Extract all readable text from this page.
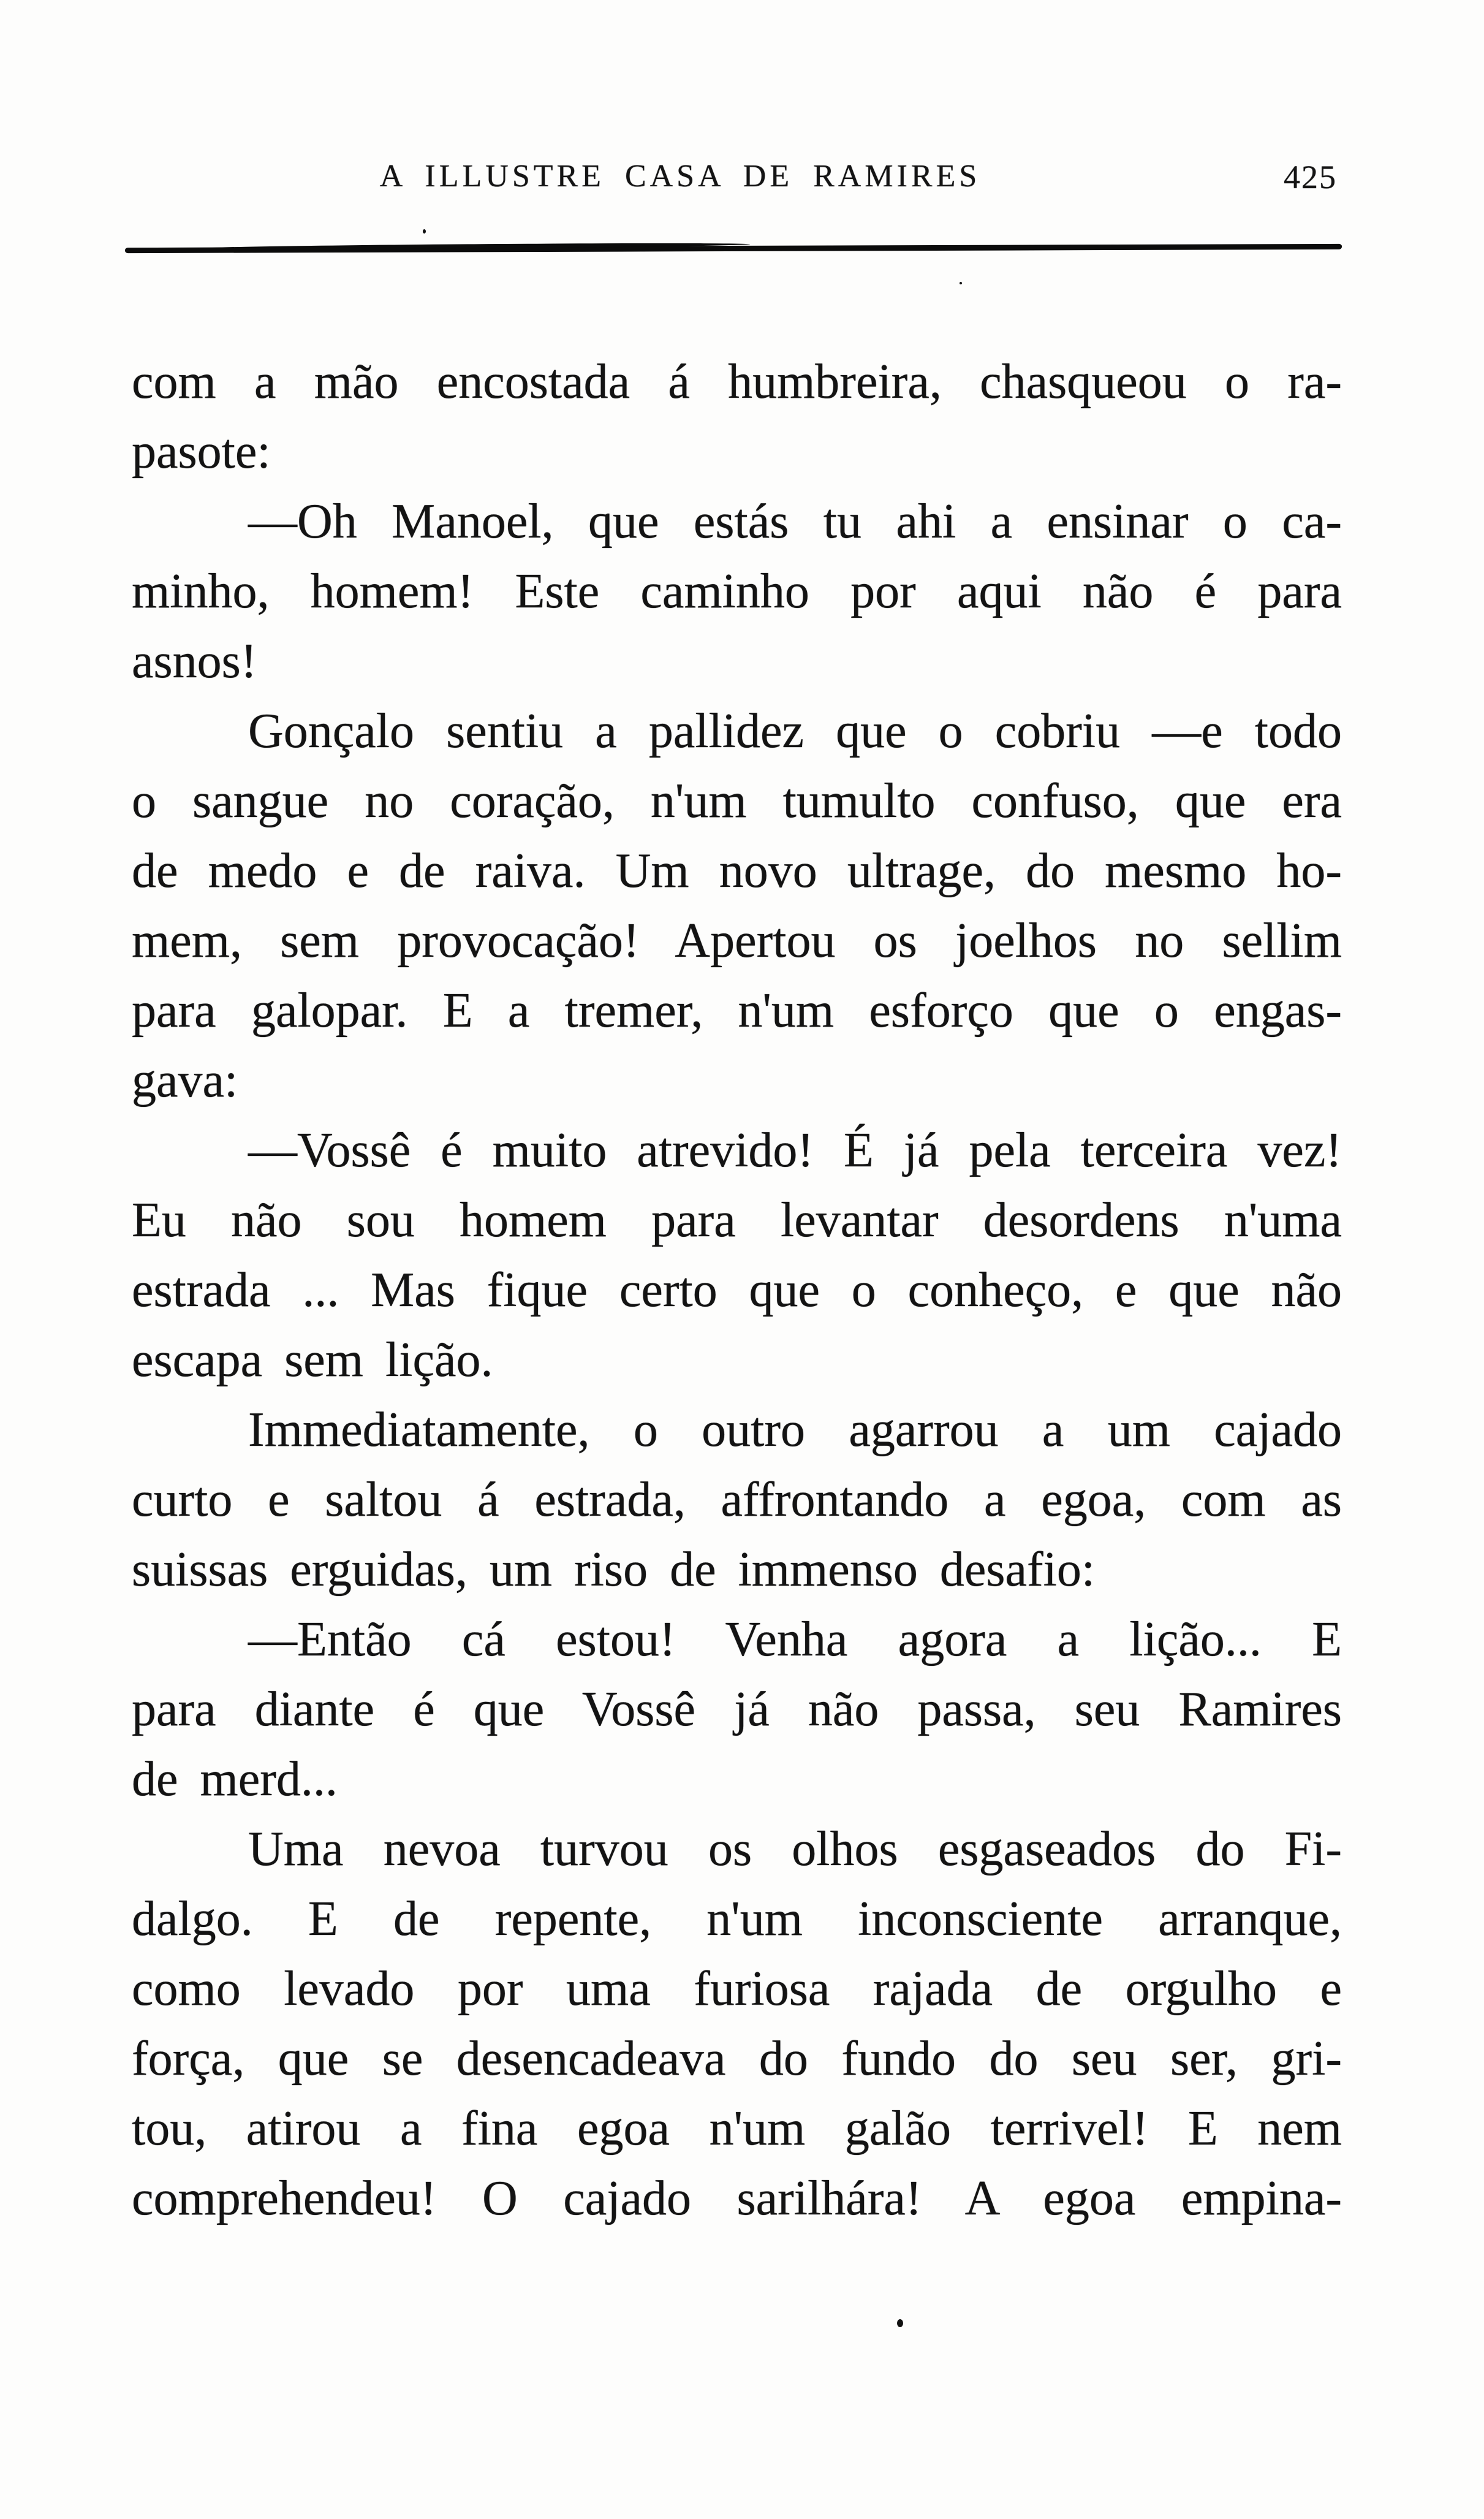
A ILLUSTRE CASA DE RAMIRES	425
com a mão encostada á humbreira, chasqueou o ra-
pasote:
—Oh Manoel, que estás tu ahi a ensinar o ca-
minho, homem! Este caminho por aqui não é para
asnos!
Gonçalo sentiu a pallidez que o cobriu —e todo
o sangue no coração, n'um tumulto confuso, que era
de medo e de raiva. Um novo ultrage, do mesmo ho-
mem, sem provocação! Apertou os joelhos no sellim
para galopar. E a tremer, n'um esforço que o engas-
gava:
—Vossê é muito atrevido! É já pela terceira vez!
Eu não sou homem para levantar desordens n'uma
estrada ... Mas fique certo que o conheço, e que não
escapa sem lição.
Immediatamente, o outro agarrou a um cajado
curto e saltou á estrada, affrontando a egoa, com as
suissas erguidas, um riso de immenso desafio:
—Então cá estou! Venha agora a lição... E
para diante é que Vossê já não passa, seu Ramires
de merd...
Uma nevoa turvou os olhos esgaseados do Fi-
dalgo. E de repente, n'um inconsciente arranque,
como levado por uma furiosa rajada de orgulho e
força, que se desencadeava do fundo do seu ser, gri-
tou, atirou a fina egoa n'um galão terrivel! E nem
comprehendeu! O cajado sarilhára! A egoa empina-
